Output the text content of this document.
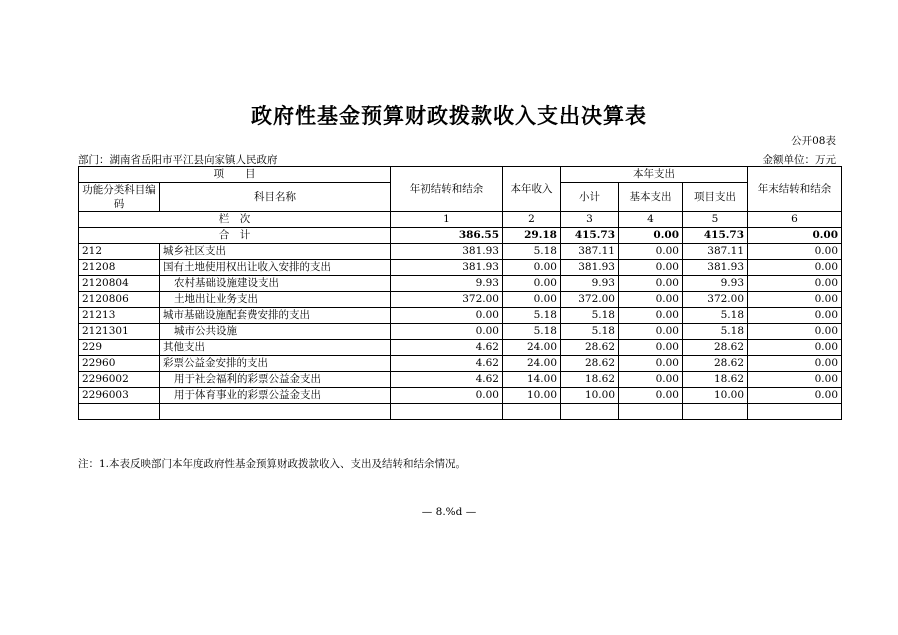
政府性基金预算财政拨款收入支出决算表
公开08表
部门：湖南省岳阳市平江县向家镇人民政府	金额单位：万元
项　　目		年初结转和结余	本年收入	本年支出			年末结转和结余
功能分类科目编码	科目名称			小计	基本支出	项目支出	

栏　次		1	2	3	4	5	6
合　计		386.55	29.18	415.73	0.00	415.73	0.00
212	城乡社区支出	381.93	5.18	387.11	0.00	387.11	0.00
21208	国有土地使用权出让收入安排的支出	381.93	0.00	381.93	0.00	381.93	0.00
2120804	农村基础设施建设支出	9.93	0.00	9.93	0.00	9.93	0.00
2120806	土地出让业务支出	372.00	0.00	372.00	0.00	372.00	0.00
21213	城市基础设施配套费安排的支出	0.00	5.18	5.18	0.00	5.18	0.00
2121301	城市公共设施	0.00	5.18	5.18	0.00	5.18	0.00
229	其他支出	4.62	24.00	28.62	0.00	28.62	0.00
22960	彩票公益金安排的支出	4.62	24.00	28.62	0.00	28.62	0.00
2296002	用于社会福利的彩票公益金支出	4.62	14.00	18.62	0.00	18.62	0.00
2296003	用于体育事业的彩票公益金支出	0.00	10.00	10.00	0.00	10.00	0.00

注：1.本表反映部门本年度政府性基金预算财政拨款收入、支出及结转和结余情况。
— 8.%d —
